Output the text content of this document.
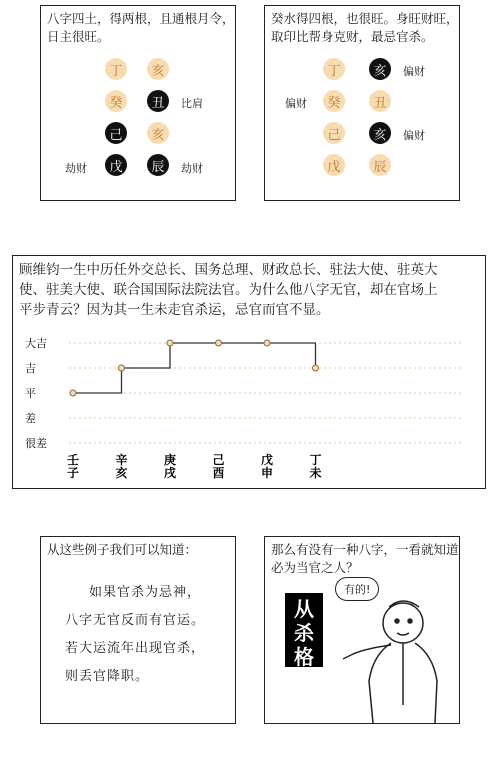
八字四土，得两根，且通根月令，
日主很旺。
丁
癸
己
戊
亥
丑
亥
辰
比肩
劫财	劫财
癸水得四根，也很旺。身旺财旺，
取印比帮身克财，最忌官杀。
丁
癸
己
戊
亥
丑
亥
辰
偏财
偏财
偏财
顾维钧一生中历任外交总长、国务总理、财政总长、驻法大使、驻英大
使、驻美大使、联合国国际法院法官。为什么他八字无官，却在官场上
平步青云？因为其一生未走官杀运，忌官而官不显。
大吉
吉
平
差
很差
壬
子
辛
亥
庚
戌
己
酉
戊
申
丁
未
从这些例子我们可以知道：
如果官杀为忌神，
八字无官反而有官运。
若大运流年出现官杀，
则丢官降职。
那么有没有一种八字，一看就知道
必为当官之人？
从杀
格
有的!
